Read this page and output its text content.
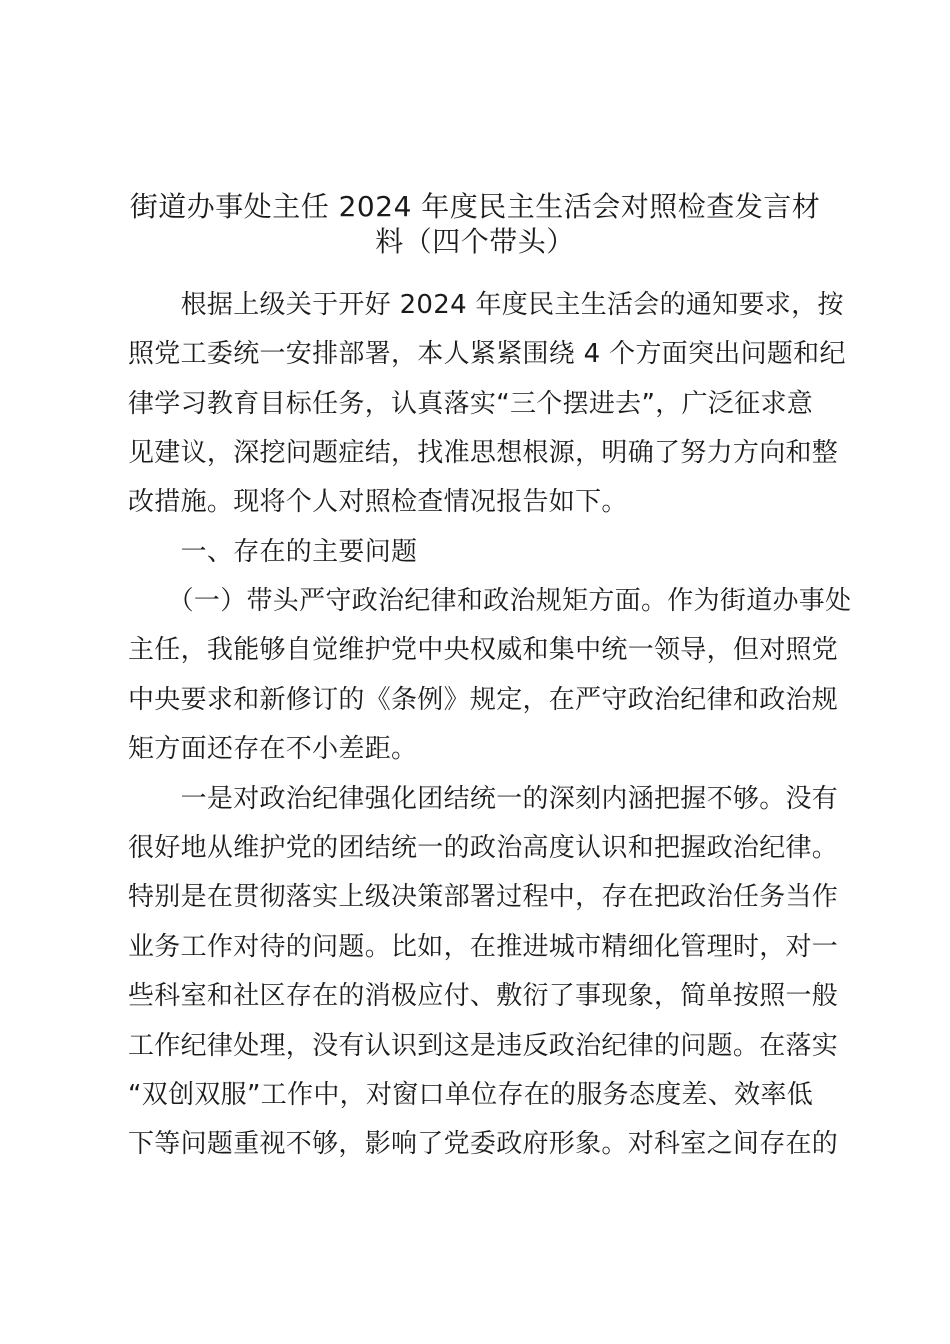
街道办事处主任 2024 年度民主生活会对照检查发言材
料（四个带头）
　　根据上级关于开好 2024 年度民主生活会的通知要求，按
照党工委统一安排部署，本人紧紧围绕 4 个方面突出问题和纪
律学习教育目标任务，认真落实“三个摆进去”，广泛征求意
见建议，深挖问题症结，找准思想根源，明确了努力方向和整
改措施。现将个人对照检查情况报告如下。
　　一、存在的主要问题
　　（一）带头严守政治纪律和政治规矩方面。作为街道办事处
主任，我能够自觉维护党中央权威和集中统一领导，但对照党
中央要求和新修订的《条例》规定，在严守政治纪律和政治规
矩方面还存在不小差距。
　　一是对政治纪律强化团结统一的深刻内涵把握不够。没有
很好地从维护党的团结统一的政治高度认识和把握政治纪律。
特别是在贯彻落实上级决策部署过程中，存在把政治任务当作
业务工作对待的问题。比如，在推进城市精细化管理时，对一
些科室和社区存在的消极应付、敷衍了事现象，简单按照一般
工作纪律处理，没有认识到这是违反政治纪律的问题。在落实
“双创双服”工作中，对窗口单位存在的服务态度差、效率低
下等问题重视不够，影响了党委政府形象。对科室之间存在的
